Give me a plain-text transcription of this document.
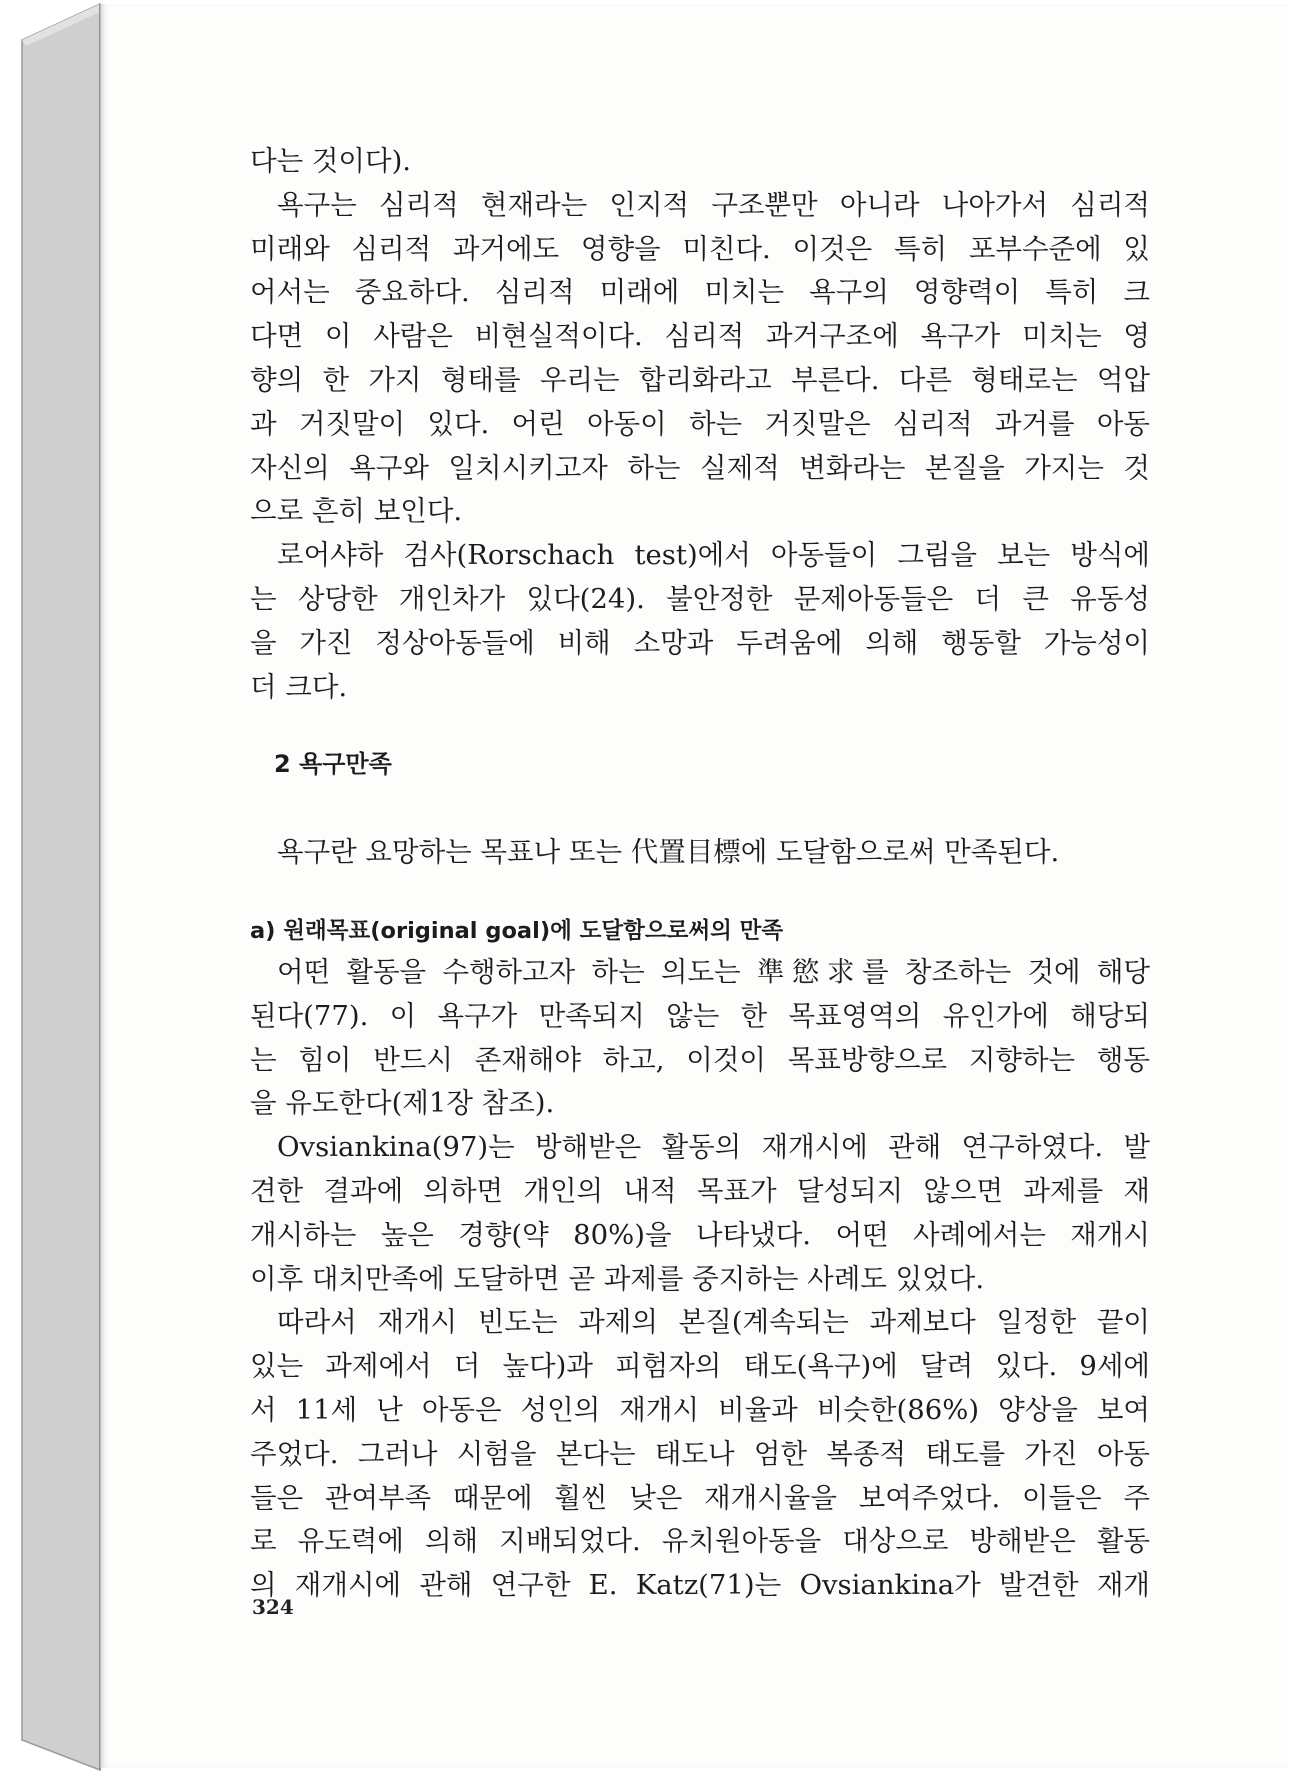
다는 것이다).

욕구는 심리적 현재라는 인지적 구조뿐만 아니라 나아가서 심리적
미래와 심리적 과거에도 영향을 미친다. 이것은 특히 포부수준에 있
어서는 중요하다. 심리적 미래에 미치는 욕구의 영향력이 특히 크
다면 이 사람은 비현실적이다. 심리적 과거구조에 욕구가 미치는 영
향의 한 가지 형태를 우리는 합리화라고 부른다. 다른 형태로는 억압
과 거짓말이 있다. 어린 아동이 하는 거짓말은 심리적 과거를 아동
자신의 욕구와 일치시키고자 하는 실제적 변화라는 본질을 가지는 것
으로 흔히 보인다.

로어샤하 검사(Rorschach test)에서 아동들이 그림을 보는 방식에
는 상당한 개인차가 있다(24). 불안정한 문제아동들은 더 큰 유동성
을 가진 정상아동들에 비해 소망과 두려움에 의해 행동할 가능성이
더 크다.

2 욕구만족

욕구란 요망하는 목표나 또는 代置目標에 도달함으로써 만족된다.

a) 원래목표(original goal)에 도달함으로써의 만족

어떤 활동을 수행하고자 하는 의도는 準慾求를 창조하는 것에 해당
된다(77). 이 욕구가 만족되지 않는 한 목표영역의 유인가에 해당되
는 힘이 반드시 존재해야 하고, 이것이 목표방향으로 지향하는 행동
을 유도한다(제1장 참조).

Ovsiankina(97)는 방해받은 활동의 재개시에 관해 연구하였다. 발
견한 결과에 의하면 개인의 내적 목표가 달성되지 않으면 과제를 재
개시하는 높은 경향(약 80%)을 나타냈다. 어떤 사례에서는 재개시
이후 대치만족에 도달하면 곧 과제를 중지하는 사례도 있었다.

따라서 재개시 빈도는 과제의 본질(계속되는 과제보다 일정한 끝이
있는 과제에서 더 높다)과 피험자의 태도(욕구)에 달려 있다. 9세에
서 11세 난 아동은 성인의 재개시 비율과 비슷한(86%) 양상을 보여
주었다. 그러나 시험을 본다는 태도나 엄한 복종적 태도를 가진 아동
들은 관여부족 때문에 훨씬 낮은 재개시율을 보여주었다. 이들은 주
로 유도력에 의해 지배되었다. 유치원아동을 대상으로 방해받은 활동
의 재개시에 관해 연구한 E. Katz(71)는 Ovsiankina가 발견한 재개

324
